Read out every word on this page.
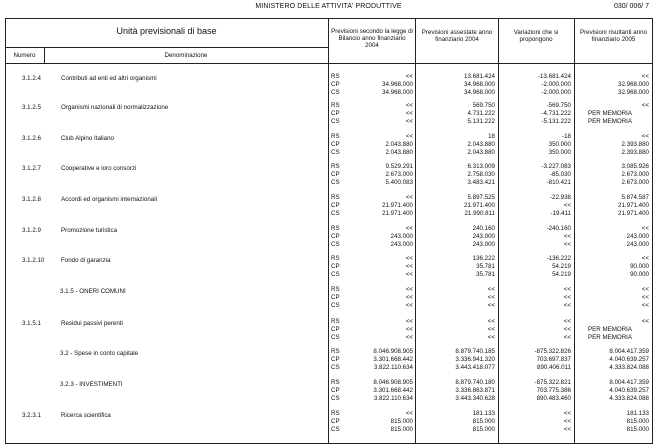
MINISTERO DELLE ATTIVITA' PRODUTTIVE	030/ 006/ 7
Unità previsionali di base
Numero	Denominazione
Previsioni secondo la legge di Bilancio anno finanziario 2004
Previsioni assestate anno finanziario 2004
Variazioni che si propongono
Previsioni risultanti anno finanziario 2005
3.1.2.4	Contributi ad enti ed altri organismi	RS	<<	13.681.424	-13.681.424	<<
CP	34.968.000	34.968.000	-2.000.000	32.968.000
CS	34.968.000	34.968.000	-2.000.000	32.968.000
3.1.2.5	Organismi nazionali di normalizzazione	RS	<<	569.750	-569.750	<<
CP	<<	4.731.222	-4.731.222	PER MEMORIA
CS	<<	5.131.222	-5.131.222	PER MEMORIA
3.1.2.6	Club Alpino Italiano	RS	<<	18	-18	<<
CP	2.043.880	2.043.880	350.000	2.393.880
CS	2.043.880	2.043.880	350.000	2.393.880
3.1.2.7	Cooperative e loro consorzi	RS	9.529.291	6.313.009	-3.227.083	3.085.926
CP	2.673.000	2.758.030	-85.030	2.673.000
CS	5.400.083	3.483.421	-810.421	2.673.000
3.1.2.8	Accordi ed organismi internazionali	RS	<<	5.897.525	-22.938	5.874.587
CP	21.971.400	21.971.400	<<	21.971.400
CS	21.971.400	21.990.811	-19.411	21.971.400
3.1.2.9	Promozione turistica	RS	<<	240.160	-240.160	<<
CP	243.000	243.000	<<	243.000
CS	243.000	243.000	<<	243.000
3.1.2.10	Fondo di garanzia	RS	<<	136.222	-136.222	<<
CP	<<	35.781	54.219	90.000
CS	<<	35.781	54.219	90.000
3.1.5 - ONERI COMUNI	RS	<<	<<	<<	<<
CP	<<	<<	<<	<<
CS	<<	<<	<<	<<
3.1.5.1	Residui passivi perenti	RS	<<	<<	<<	<<
CP	<<	<<	<<	PER MEMORIA
CS	<<	<<	<<	PER MEMORIA
3.2 - Spese in conto capitale	RS	8.046.908.905	8.879.740.185	-875.322.826	8.004.417.359
CP	3.301.668.442	3.336.941.320	703.697.837	4.040.639.257
CS	3.822.110.634	3.443.418.077	890.406.011	4.333.824.088
3.2.3 - INVESTIMENTI	RS	8.046.908.905	8.879.740.180	-875.322.821	8.004.417.359
CP	3.301.668.442	3.336.863.871	703.775.386	4.040.639.257
CS	3.822.110.634	3.443.340.628	890.483.460	4.333.824.088
3.2.3.1	Ricerca scientifica	RS	<<	181.133	<<	181.133
CP	815.000	815.000	<<	815.000
CS	815.000	815.000	<<	815.000
